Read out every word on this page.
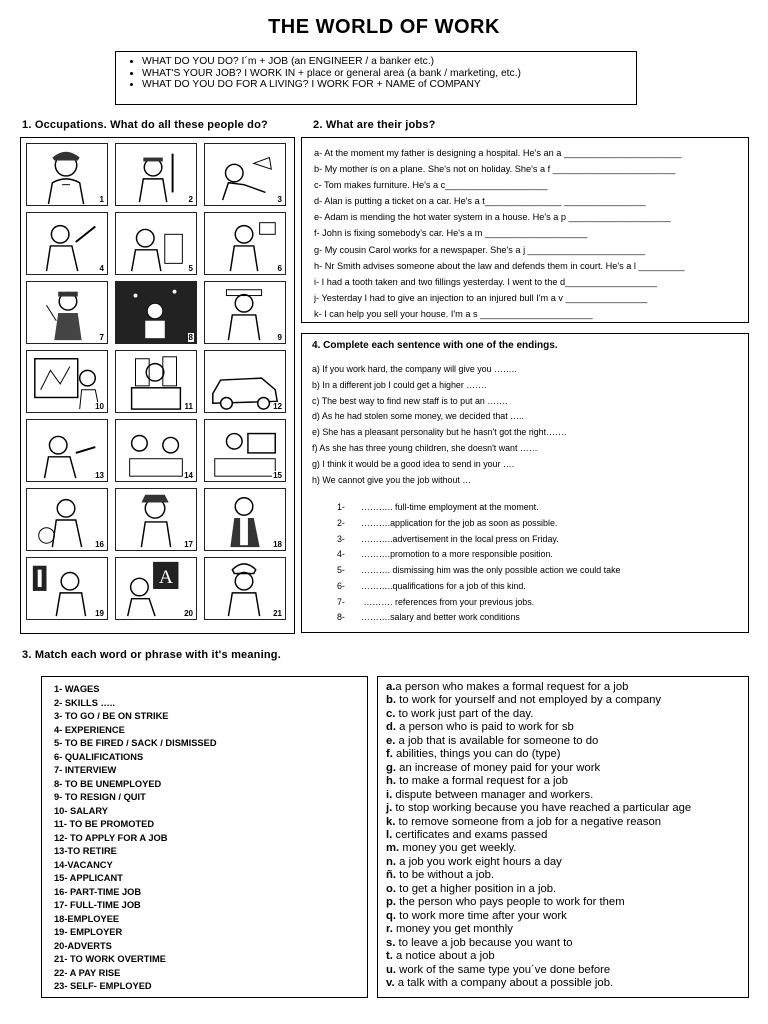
THE WORLD OF WORK
• WHAT DO YOU DO? I´m + JOB (an ENGINEER / a banker etc.)
• WHAT'S YOUR JOB? I WORK IN + place or general area (a bank / marketing, etc.)
• WHAT DO YOU DO FOR A LIVING? I WORK FOR + NAME of COMPANY
1. Occupations. What do all these people do?	2. What are their jobs?
1	2	3
4	5	6
7	8	9
10	11	12
13	14	15
16	17	18
19
A
20	21
a- At the moment my father is designing a hospital. He's an a _______________________
b- My mother is on a plane. She's not on holiday. She's a f ________________________
c- Tom makes furniture. He's a c____________________
d- Alan is putting a ticket on a car. He's a t_______________ ________________
e- Adam is mending the hot water system in a house. He's a p ____________________
f- John is fixing somebody's car. He's a m ____________________
g- My cousin Carol works for a newspaper. She's a j _______________________
h- Nr Smith advises someone about the law and defends them in court. He's a l _________
i- I had a tooth taken and two fillings yesterday. I went to the d__________________
j- Yesterday I had to give an injection to an injured bull I'm a v ________________
k- I can help you sell your house. I'm a s ______________________
4. Complete each sentence with one of the endings.
a) If you work hard, the company will give you ……..
b) In a different job I could get a higher …….
c) The best way to find new staff is to put an …….
d) As he had stolen some money, we decided that …..
e) She has a pleasant personality but he hasn't got the right…….
f) As she has three young children, she doesn't want ……
g) I think it would be a good idea to send in your ….
h) We cannot give you the job without …
1- ……….. full-time employment at the moment.
2- ……….application for the job as soon as possible.
3- ………..advertisement in the local press on Friday.
4- ……….promotion to a more responsible position.
5- ………. dismissing him was the only possible action we could take
6- ………..qualifications for a job of this kind.
7- ………. references from your previous jobs.
8- ……….salary and better work conditions
3. Match each word or phrase with it's meaning.
1- WAGES
2- SKILLS …..
3- TO GO / BE ON STRIKE
4- EXPERIENCE
5- TO BE FIRED / SACK / DISMISSED
6- QUALIFICATIONS
7- INTERVIEW
8- TO BE UNEMPLOYED
9- TO RESIGN / QUIT
10- SALARY
11- TO BE PROMOTED
12- TO APPLY FOR A JOB
13-TO RETIRE
14-VACANCY
15- APPLICANT
16- PART-TIME JOB
17- FULL-TIME JOB
18-EMPLOYEE
19- EMPLOYER
20-ADVERTS
21- TO WORK OVERTIME
22- A PAY RISE
23- SELF- EMPLOYED
a.a person who makes a formal request for a job
b. to work for yourself and not employed by a company
c. to work just part of the day.
d. a person who is paid to work for sb
e. a job that is available for someone to do
f. abilities, things you can do (type)
g. an increase of money paid for your work
h. to make a formal request for a job
i. dispute between manager and workers.
j. to stop working because you have reached a particular age
k. to remove someone from a job for a negative reason
l. certificates and exams passed
m. money you get weekly.
n. a job you work eight hours a day
ñ. to be without a job.
o. to get a higher position in a job.
p. the person who pays people to work for them
q. to work more time after your work
r. money you get monthly
s. to leave a job because you want to
t. a notice about a job
u. work of the same type you´ve done before
v. a talk with a company about a possible job.
